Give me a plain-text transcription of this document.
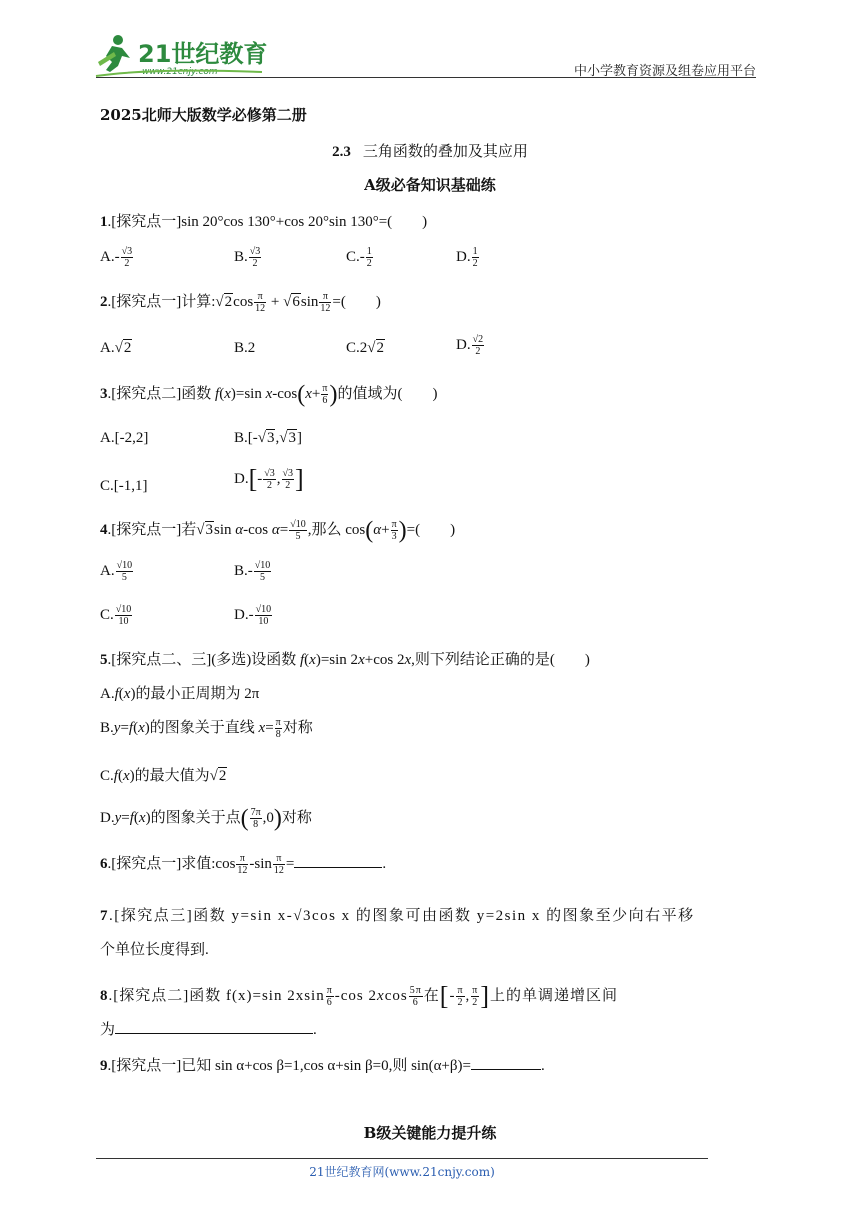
21世纪教育
www.21cnjy.com	中小学教育资源及组卷应用平台
2025北师大版数学必修第二册
2.3 三角函数的叠加及其应用
A级必备知识基础练
1.[探究点一]sin 20°cos 130°+cos 20°sin 130°=(　　)
$A.- \frac{√3}{2}$	B. $\frac{√3}{2}$	$C.- \frac{1}{2}$	D. $\frac{1}{2}$
2.[探究点一]计算:√2cos $\frac{\pi}{12} + √6\sin \frac{\pi}{12}$ =(　　)
A.√2	B.2	C.2√2	D. $\frac{√2}{2}$
3.[探究点二]函数 f(x)=sin $x-\cos(x+ \frac{\pi}{6}$ )的值域为(　　)
A.[-2,2]	B.[-√3,√3]
C.[-1,1]	$D.[- \frac{√3}{2}$ , $\frac{√3}{2}$ ]
4.[探究点一]若√3sin α-cos $\alpha= \frac{√10}{5}$ ,那么 $\cos(\alpha+ \frac{\pi}{3}$ )=(　　)
A. $\frac{√10}{5}$	$B.- \frac{√10}{5}$
C. $\frac{√10}{10}$	$D.- \frac{√10}{10}$
5.[探究点二、三](多选)设函数 f(x)=sin 2x+cos 2x,则下列结论正确的是(　　)
A.f(x)的最小正周期为 2π
B.y=f(x)的图象关于直线 $x= \frac{\pi}{8}$ 对称
C.f(x)的最大值为√2
D.y=f(x)的图象关于点( $\frac{7\pi}{8} ,0$)对称
6.[探究点一]求值:cos $\frac{\pi}{12} -\sin \frac{\pi}{12}$ =	.
7.[探究点三]函数 y=sin x-√3cos x 的图象可由函数 y=2sin x 的图象至少向右平移
个单位长度得到.
8.[探究点二]函数 f(x)=sin $2xsin \frac{\pi}{6} -\cos$ $2xcos \frac{5\pi}{6}$ 在[- $\frac{\pi}{2}$ , $\frac{\pi}{2}$ ]上的单调递增区间
为	.
9.[探究点一]已知 sin α+cos β=1,cos α+sin β=0,则 sin(α+β)=	.
B级关键能力提升练
21世纪教育网(www.21cnjy.com)
